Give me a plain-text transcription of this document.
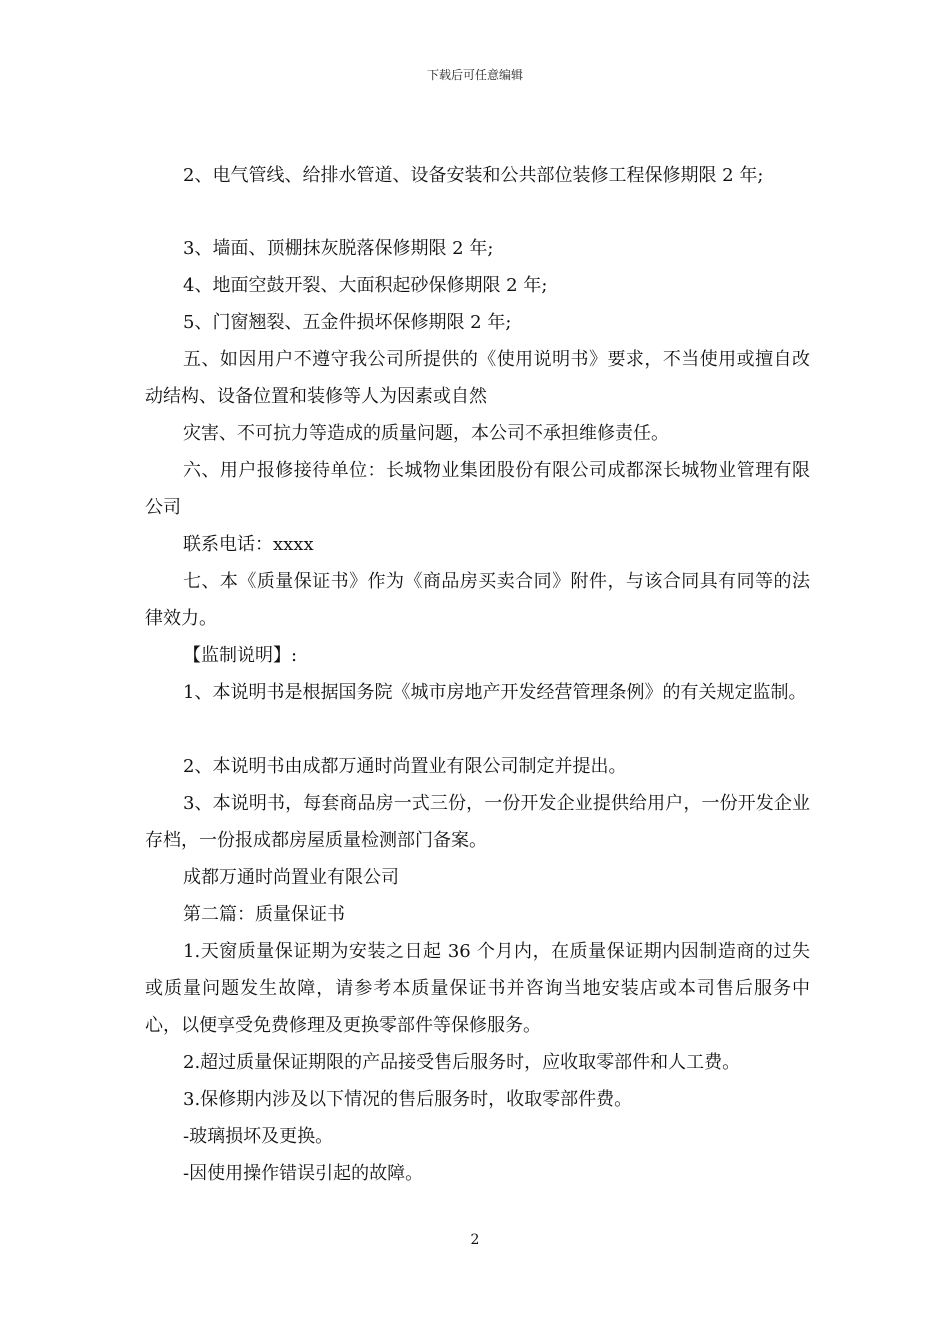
下载后可任意编辑
2、电气管线、给排水管道、设备安装和公共部位装修工程保修期限 2 年;
3、墙面、顶棚抹灰脱落保修期限 2 年;
4、地面空鼓开裂、大面积起砂保修期限 2 年;
5、门窗翘裂、五金件损坏保修期限 2 年;
五、如因用户不遵守我公司所提供的《使用说明书》要求，不当使用或擅自改动结构、设备位置和装修等人为因素或自然
灾害、不可抗力等造成的质量问题，本公司不承担维修责任。
六、用户报修接待单位：长城物业集团股份有限公司成都深长城物业管理有限公司
联系电话：xxxx
七、本《质量保证书》作为《商品房买卖合同》附件，与该合同具有同等的法律效力。
【监制说明】:
1、本说明书是根据国务院《城市房地产开发经营管理条例》的有关规定监制。
2、本说明书由成都万通时尚置业有限公司制定并提出。
3、本说明书，每套商品房一式三份，一份开发企业提供给用户，一份开发企业存档，一份报成都房屋质量检测部门备案。
成都万通时尚置业有限公司
第二篇：质量保证书
1.天窗质量保证期为安装之日起 36 个月内，在质量保证期内因制造商的过失或质量问题发生故障，请参考本质量保证书并咨询当地安装店或本司售后服务中心，以便享受免费修理及更换零部件等保修服务。
2.超过质量保证期限的产品接受售后服务时，应收取零部件和人工费。
3.保修期内涉及以下情况的售后服务时，收取零部件费。
-玻璃损坏及更换。
-因使用操作错误引起的故障。
2
